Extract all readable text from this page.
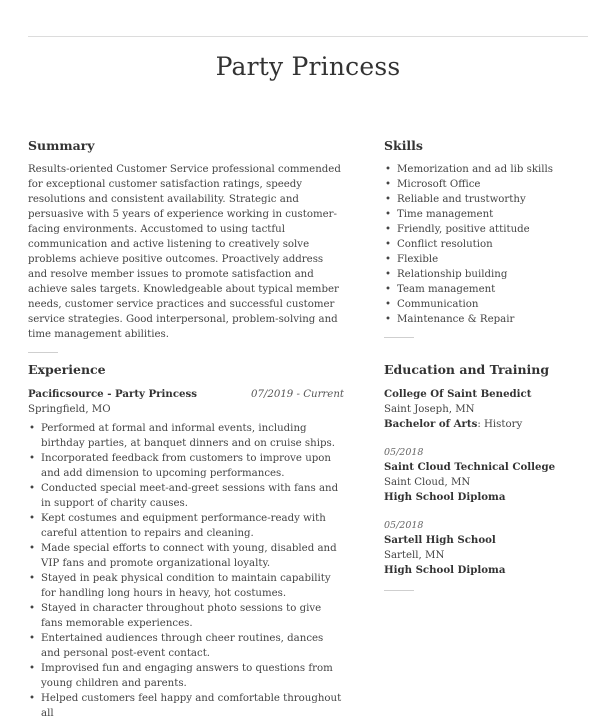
Party Princess
Summary

Results-oriented Customer Service professional commended for exceptional customer satisfaction ratings, speedy resolutions and consistent availability. Strategic and persuasive with 5 years of experience working in customer-facing environments. Accustomed to using tactful communication and active listening to creatively solve problems achieve positive outcomes. Proactively address and resolve member issues to promote satisfaction and achieve sales targets. Knowledgeable about typical member needs, customer service practices and successful customer service strategies. Good interpersonal, problem-solving and time management abilities.

Skills
• Memorization and ad lib skills
• Microsoft Office
• Reliable and trustworthy
• Time management
• Friendly, positive attitude
• Conflict resolution
• Flexible
• Relationship building
• Team management
• Communication
• Maintenance & Repair
Experience
Pacificsource - Party Princess	07/2019 - Current
Springfield, MO
• Performed at formal and informal events, including birthday parties, at banquet dinners and on cruise ships.
• Incorporated feedback from customers to improve upon and add dimension to upcoming performances.
• Conducted special meet-and-greet sessions with fans and in support of charity causes.
• Kept costumes and equipment performance-ready with careful attention to repairs and cleaning.
• Made special efforts to connect with young, disabled and VIP fans and promote organizational loyalty.
• Stayed in peak physical condition to maintain capability for handling long hours in heavy, hot costumes.
• Stayed in character throughout photo sessions to give fans memorable experiences.
• Entertained audiences through cheer routines, dances and personal post-event contact.
• Improvised fun and engaging answers to questions from young children and parents.
• Helped customers feel happy and comfortable throughout all
Education and Training
College Of Saint Benedict
Saint Joseph, MN
Bachelor of Arts: History
05/2018
Saint Cloud Technical College
Saint Cloud, MN
High School Diploma
05/2018
Sartell High School
Sartell, MN
High School Diploma
